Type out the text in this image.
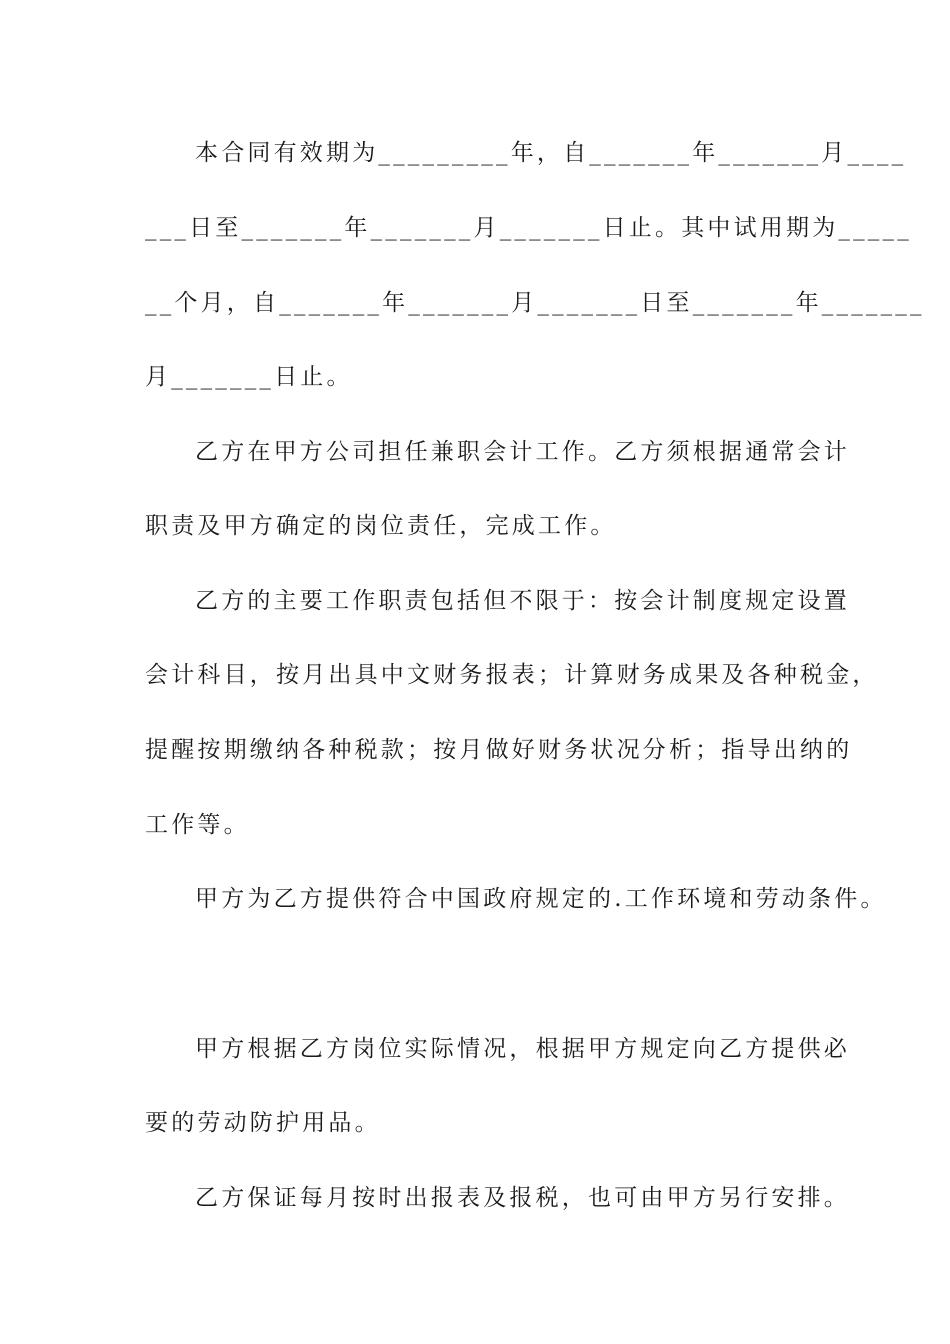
本合同有效期为_________年，自_______年_______月____
___日至_______年_______月_______日止。其中试用期为_____
__个月，自_______年_______月_______日至_______年_______
月_______日止。
乙方在甲方公司担任兼职会计工作。乙方须根据通常会计
职责及甲方确定的岗位责任，完成工作。
乙方的主要工作职责包括但不限于：按会计制度规定设置
会计科目，按月出具中文财务报表；计算财务成果及各种税金，
提醒按期缴纳各种税款；按月做好财务状况分析；指导出纳的
工作等。
甲方为乙方提供符合中国政府规定的.工作环境和劳动条件。
甲方根据乙方岗位实际情况，根据甲方规定向乙方提供必
要的劳动防护用品。
乙方保证每月按时出报表及报税，也可由甲方另行安排。
